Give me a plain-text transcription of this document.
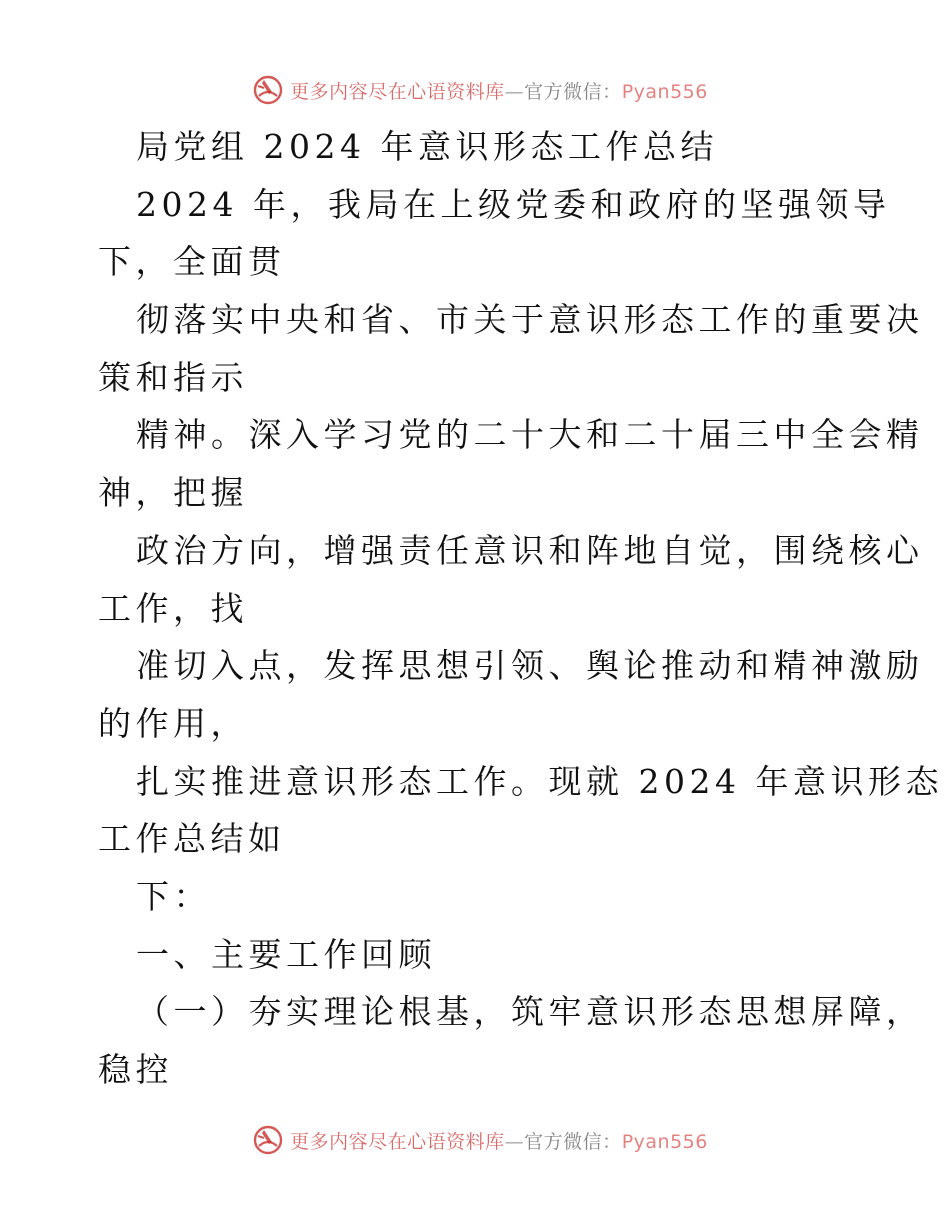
更多内容尽在心语资料库—官方微信：Pyan556
局党组 2024 年意识形态工作总结
2024 年，我局在上级党委和政府的坚强领导
下，全面贯
彻落实中央和省、市关于意识形态工作的重要决
策和指示
精神。深入学习党的二十大和二十届三中全会精
神，把握
政治方向，增强责任意识和阵地自觉，围绕核心
工作，找
准切入点，发挥思想引领、舆论推动和精神激励
的作用，
扎实推进意识形态工作。现就 2024 年意识形态
工作总结如
下：
一、主要工作回顾
（一）夯实理论根基，筑牢意识形态思想屏障，
稳控
更多内容尽在心语资料库—官方微信：Pyan556
